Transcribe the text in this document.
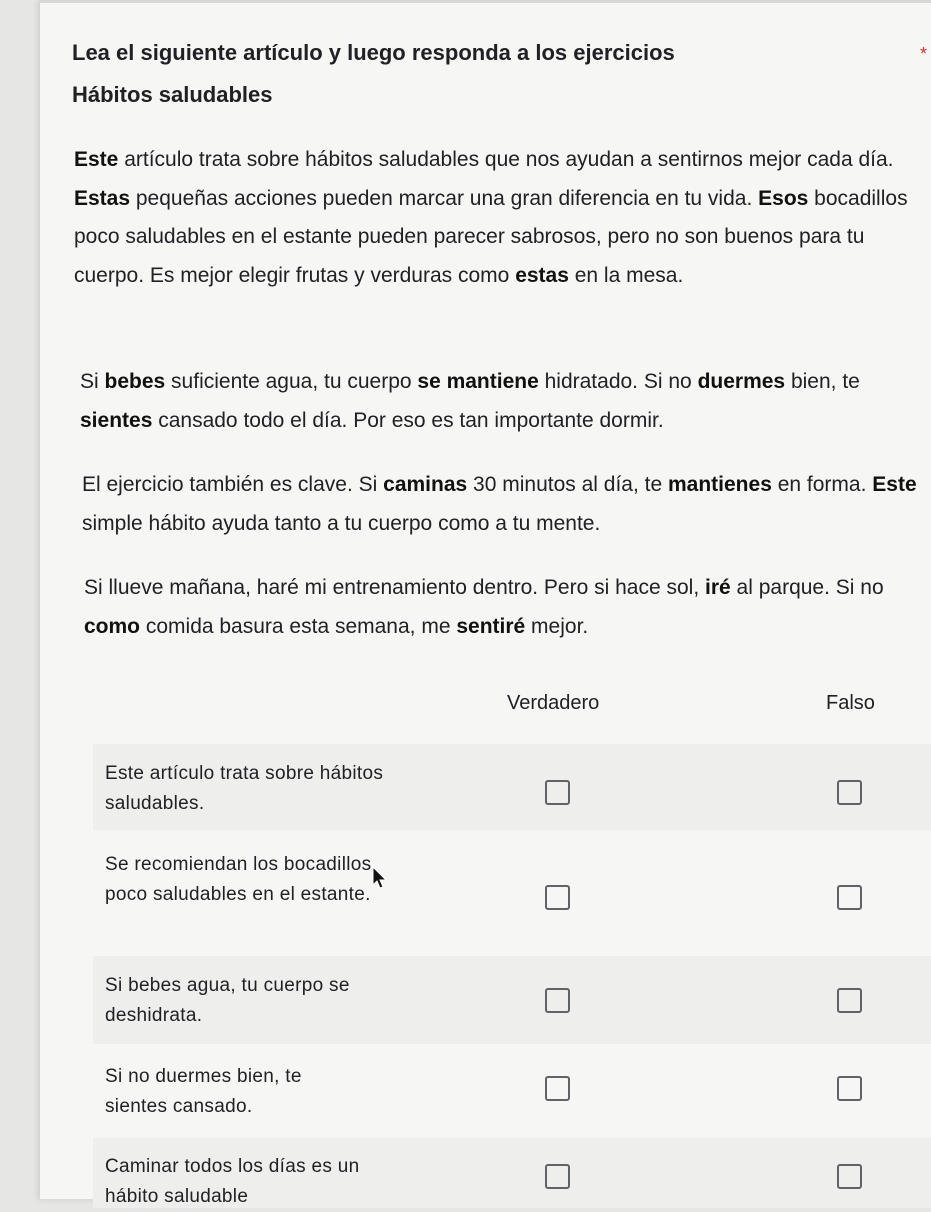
Lea el siguiente artículo y luego responda a los ejercicios	*
Hábitos saludables

Este artículo trata sobre hábitos saludables que nos ayudan a sentirnos mejor cada día. Estas pequeñas acciones pueden marcar una gran diferencia en tu vida. Esos bocadillos poco saludables en el estante pueden parecer sabrosos, pero no son buenos para tu cuerpo. Es mejor elegir frutas y verduras como estas en la mesa.

Si bebes suficiente agua, tu cuerpo se mantiene hidratado. Si no duermes bien, te sientes cansado todo el día. Por eso es tan importante dormir.

El ejercicio también es clave. Si caminas 30 minutos al día, te mantienes en forma. Este simple hábito ayuda tanto a tu cuerpo como a tu mente.

Si llueve mañana, haré mi entrenamiento dentro. Pero si hace sol, iré al parque. Si no como comida basura esta semana, me sentiré mejor.

Verdadero	Falso
Este artículo trata sobre hábitos saludables.
Se recomiendan los bocadillos poco saludables en el estante.
Si bebes agua, tu cuerpo se deshidrata.
Si no duermes bien, te sientes cansado.
Caminar todos los días es un hábito saludable
